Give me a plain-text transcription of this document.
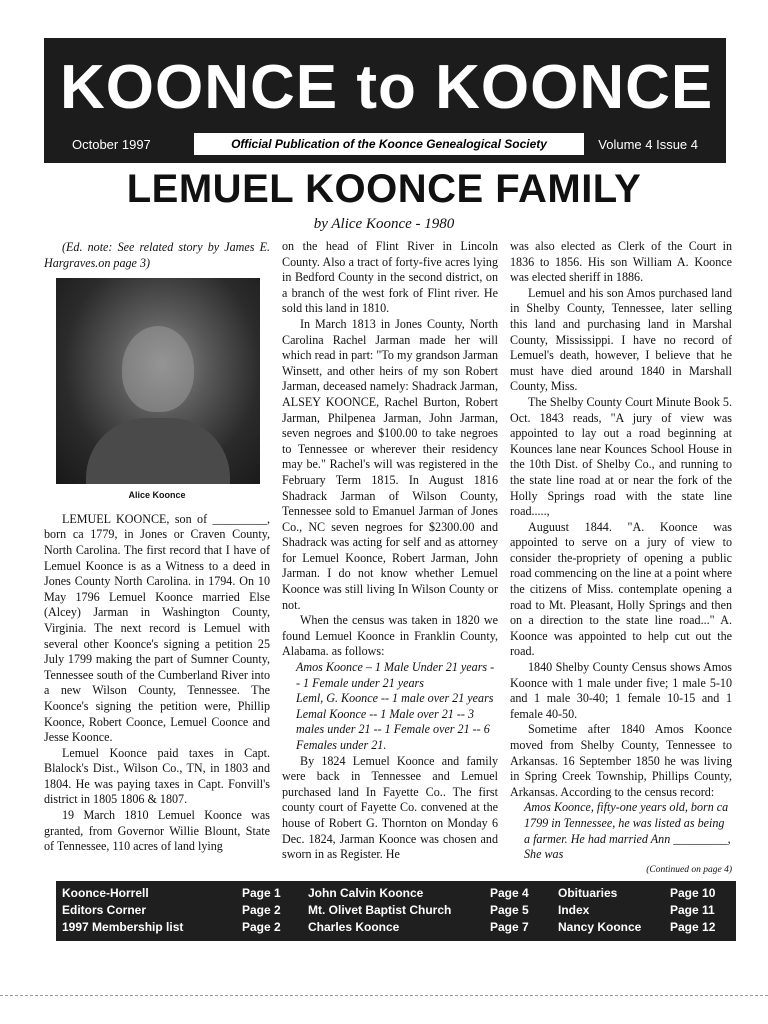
KOONCE to KOONCE
October 1997	Official Publication of the Koonce Genealogical Society	Volume 4 Issue 4
LEMUEL KOONCE FAMILY
by Alice Koonce - 1980

(Ed. note: See related story by James E. Hargraves.on page 3)

Alice Koonce

LEMUEL KOONCE, son of _________, born ca 1779, in Jones or Craven County, North Carolina. The first record that I have of Lemuel Koonce is as a Witness to a deed in Jones County North Carolina. in 1794. On 10 May 1796 Lemuel Koonce married Else (Alcey) Jarman in Washington County, Virginia. The next record is Lemuel with several other Koonce's signing a petition 25 July 1799 making the part of Sumner County, Tennessee south of the Cumberland River into a new Wilson County, Tennessee. The Koonce's signing the petition were, Phillip Koonce, Robert Coonce, Lemuel Coonce and Jesse Koonce.

Lemuel Koonce paid taxes in Capt. Blalock's Dist., Wilson Co., TN, in 1803 and 1804. He was paying taxes in Capt. Fonvill's district in 1805 1806 & 1807.

19 March 1810 Lemuel Koonce was granted, from Governor Willie Blount, State of Tennessee, 110 acres of land lying

on the head of Flint River in Lincoln County. Also a tract of forty-five acres lying in Bedford County in the second district, on a branch of the west fork of Flint river. He sold this land in 1810.

In March 1813 in Jones County, North Carolina Rachel Jarman made her will which read in part: "To my grandson Jarman Winsett, and other heirs of my son Robert Jarman, deceased namely: Shadrack Jarman, ALSEY KOONCE, Rachel Burton, Robert Jarman, Philpenea Jarman, John Jarman, seven negroes and $100.00 to take negroes to Tennessee or wherever their residency may be." Rachel's will was registered in the February Term 1815. In August 1816 Shadrack Jarman of Wilson County, Tennessee sold to Emanuel Jarman of Jones Co., NC seven negroes for $2300.00 and Shadrack was acting for self and as attorney for Lemuel Koonce, Robert Jarman, John Jarman. I do not know whether Lemuel Koonce was still living In Wilson County or not.

When the census was taken in 1820 we found Lemuel Koonce in Franklin County, Alabama. as follows:

Amos Koonce – 1 Male Under 21 years -- 1 Female under 21 years

Leml, G. Koonce -- 1 male over 21 years

Lemal Koonce -- 1 Male over 21 -- 3 males under 21 -- 1 Female over 21 -- 6 Females under 21.

By 1824 Lemuel Koonce and family were back in Tennessee and Lemuel purchased land In Fayette Co.. The first county court of Fayette Co. convened at the house of Robert G. Thornton on Monday 6 Dec. 1824, Jarman Koonce was chosen and sworn in as Register. He

was also elected as Clerk of the Court in 1836 to 1856. His son William A. Koonce was elected sheriff in 1886.

Lemuel and his son Amos purchased land in Shelby County, Tennessee, later selling this land and purchasing land in Marshal County, Mississippi. I have no record of Lemuel's death, however, I believe that he must have died around 1840 in Marshall County, Miss.

The Shelby County Court Minute Book 5. Oct. 1843 reads, "A jury of view was appointed to lay out a road beginning at Kounces lane near Kounces School House in the 10th Dist. of Shelby Co., and running to the state line road at or near the fork of the Holly Springs road with the state line road.....,

Auguust 1844. "A. Koonce was appointed to serve on a jury of view to consider the-propriety of opening a public road commencing on the line at a point where the citizens of Miss. contemplate opening a road to Mt. Pleasant, Holly Springs and then on a direction to the state line road..." A. Koonce was appointed to help cut out the road.

1840 Shelby County Census shows Amos Koonce with 1 male under five; 1 male 5-10 and 1 male 30-40; 1 female 10-15 and 1 female 40-50.

Sometime after 1840 Amos Koonce moved from Shelby County, Tennessee to Arkansas. 16 September 1850 he was living in Spring Creek Township, Phillips County, Arkansas. According to the census record:

Amos Koonce, fifty-one years old, born ca 1799 in Tennessee, he was listed as being a farmer. He had married Ann _________, She was

(Continued on page 4)
Koonce-Horrell
Editors Corner
1997 Membership list
Page 1
Page 2
Page 2
John Calvin Koonce
Mt. Olivet Baptist Church
Charles Koonce
Page 4
Page 5
Page 7
Obituaries
Index
Nancy Koonce
Page 10
Page 11
Page 12
